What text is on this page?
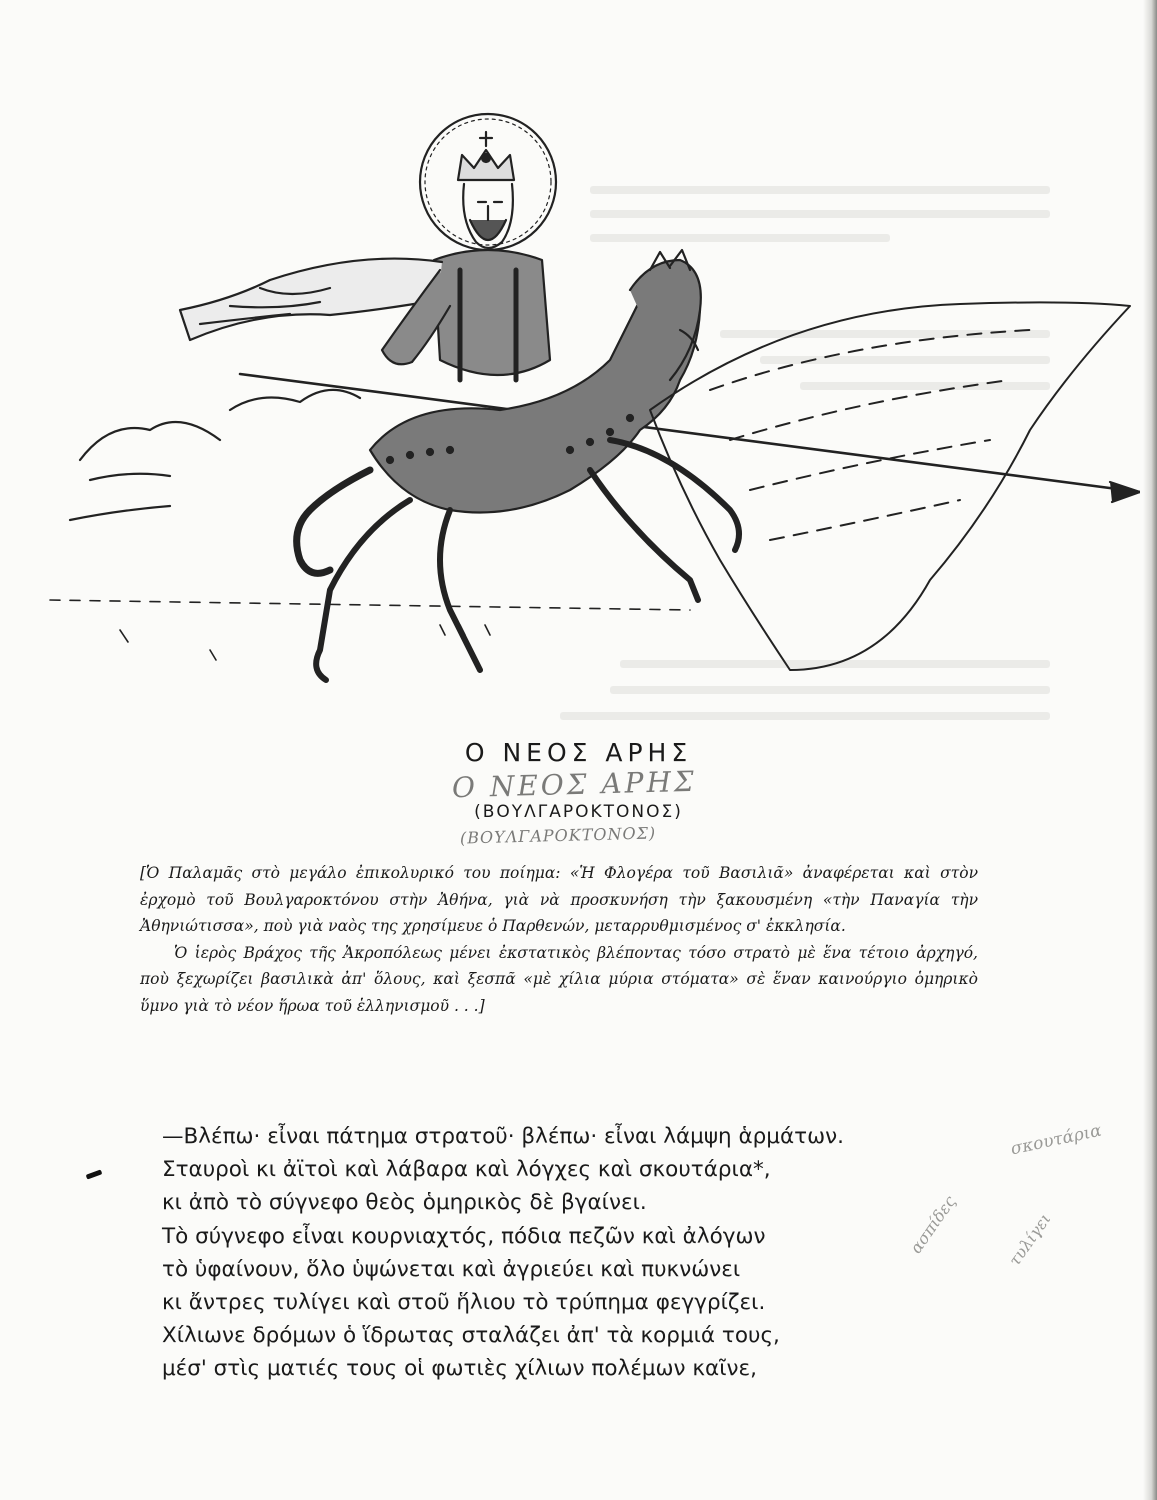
Ο ΝΕΟΣ ΑΡΗΣ
Ο ΝΕΟΣ ΑΡΗΣ
(ΒΟΥΛΓΑΡΟΚΤΟΝΟΣ)
(ΒΟΥΛΓΑΡΟΚΤΟΝΟΣ)

[Ὁ Παλαμᾶς στὸ μεγάλο ἐπικολυρικό του ποίημα: «Ἡ Φλογέρα τοῦ Βασιλιᾶ» ἀναφέρεται καὶ στὸν ἐρχομὸ τοῦ Βουλγαροκτόνου στὴν Ἀθήνα, γιὰ νὰ προσκυνήση τὴν ξακουσμένη «τὴν Παναγία τὴν Ἀθηνιώτισσα», ποὺ γιὰ ναὸς της χρησίμευε ὁ Παρθενών, μεταρρυθμισμένος σ' ἐκκλησία.

Ὁ ἱερὸς Βράχος τῆς Ἀκροπόλεως μένει ἐκστατικὸς βλέποντας τόσο στρατὸ μὲ ἕνα τέτοιο ἀρχηγό, ποὺ ξεχωρίζει βασιλικὰ ἀπ' ὅλους, καὶ ξεσπᾶ «μὲ χίλια μύρια στόματα» σὲ ἕναν καινούργιο ὁμηρικὸ ὕμνο γιὰ τὸ νέον ἥρωα τοῦ ἑλληνισμοῦ . . .]

—Βλέπω· εἶναι πάτημα στρατοῦ· βλέπω· εἶναι λάμψη ἁρμάτων.
Σταυροὶ κι ἀϊτοὶ καὶ λάβαρα καὶ λόγχες καὶ σκουτάρια*,
κι ἀπὸ τὸ σύγνεφο θεὸς ὁμηρικὸς δὲ βγαίνει.
Τὸ σύγνεφο εἶναι κουρνιαχτός, πόδια πεζῶν καὶ ἀλόγων
τὸ ὑφαίνουν, ὅλο ὑψώνεται καὶ ἀγριεύει καὶ πυκνώνει
κι ἄντρες τυλίγει καὶ στοῦ ἥλιου τὸ τρύπημα φεγγρίζει.
Χίλιωνε δρόμων ὁ ἵδρωτας σταλάζει ἀπ' τὰ κορμιά τους,
μέσ' στὶς ματιές τους οἱ φωτιὲς χίλιων πολέμων καῖνε,
σκουτάρια
ασπίδες	τυλίγει
